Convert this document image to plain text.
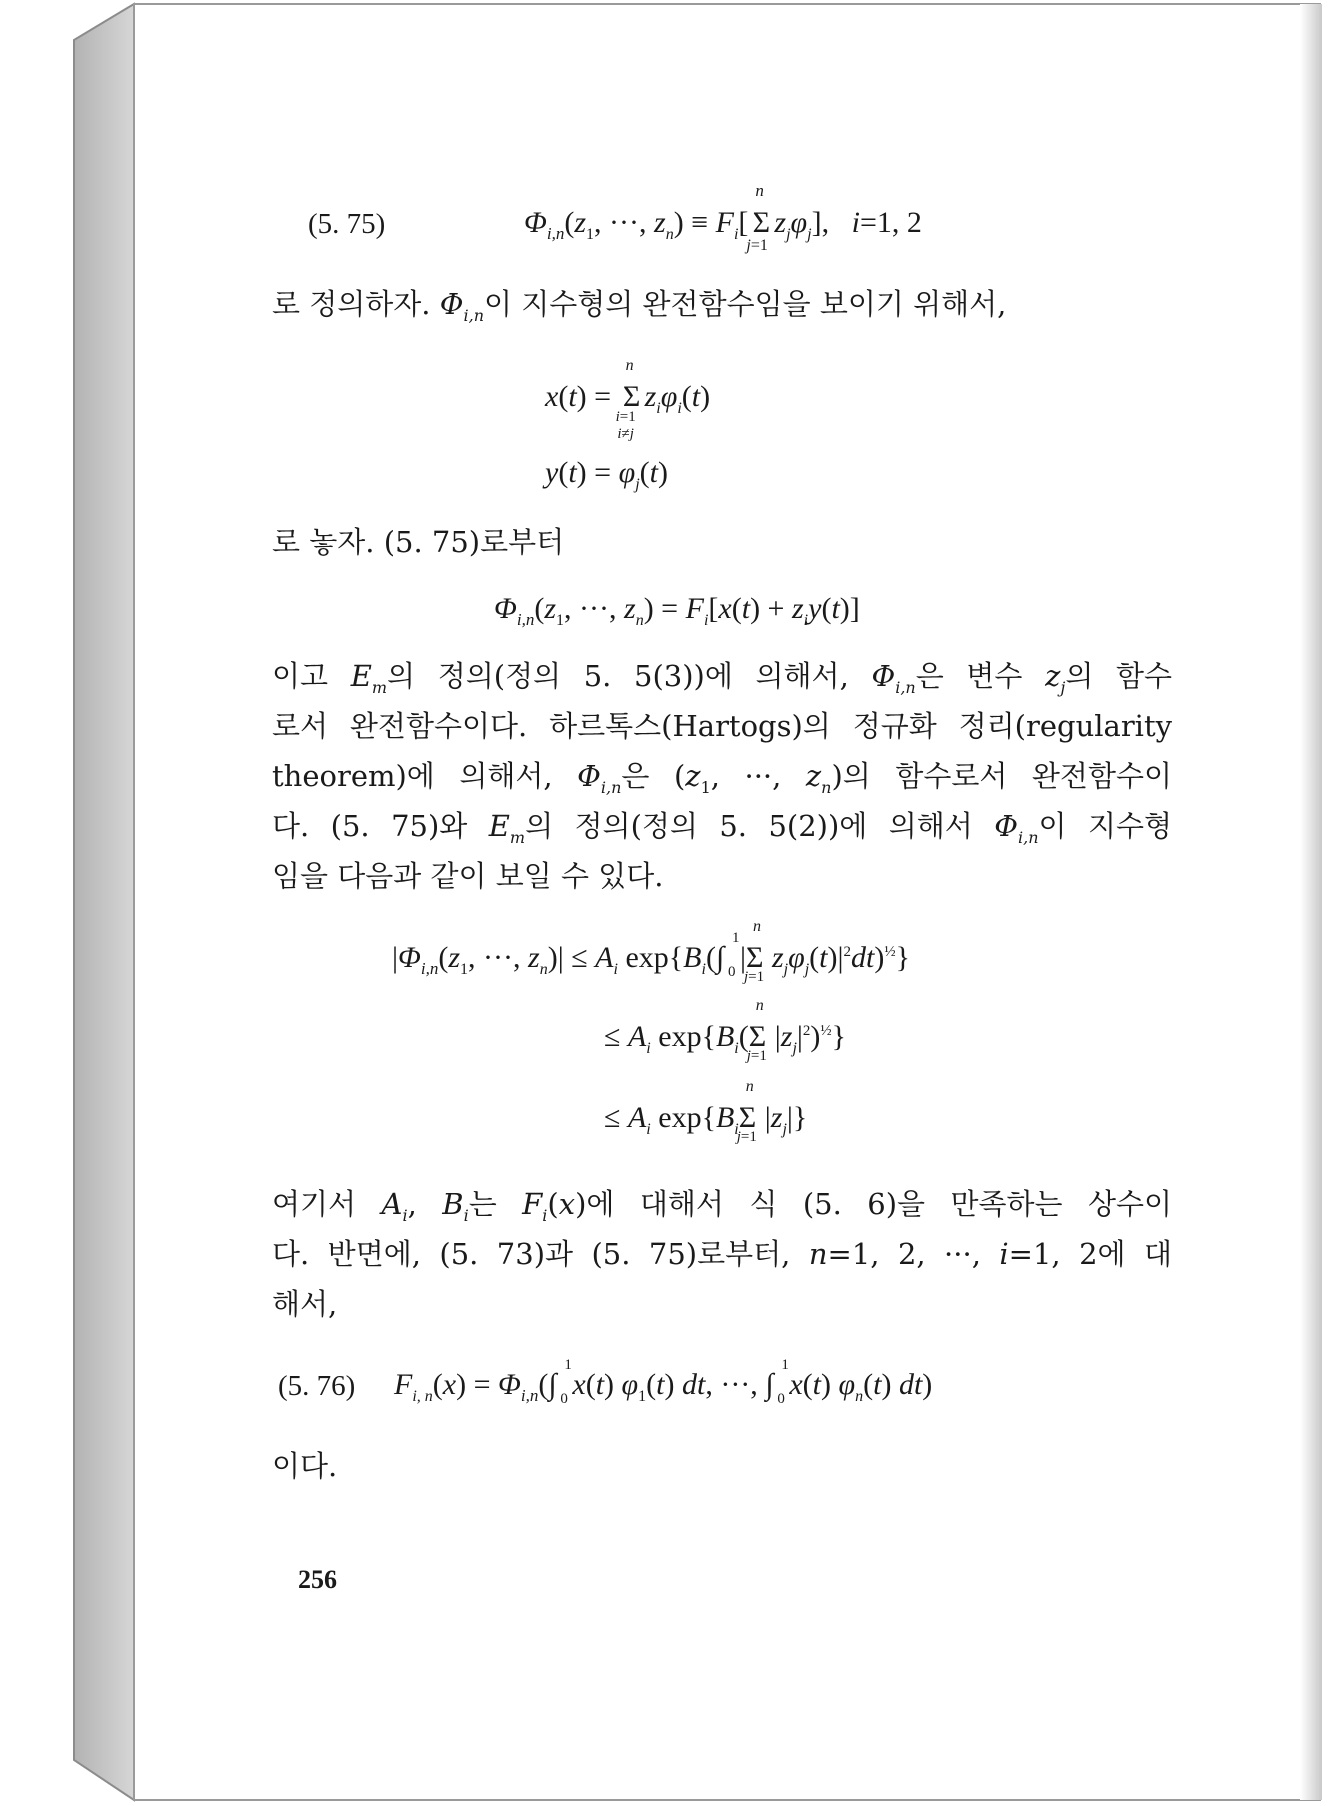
(5. 75)	$\Phi_{i,n}(z_1$, ···, $z_n) \equiv F_i$[
n
Σ
j=1
$z_j\varphi_j$],   i=1, 2
로 정의하자. $\Phi_{i,n}$이 지수형의 완전함수임을 보이기 위해서,
x(t) =
n
Σ
i=1
i≠j
$z_i\varphi_i(t)$
$y(t) = \varphi_j(t)$
로 놓자. (5. 75)로부터
$\Phi_{i,n}(z_1$, ···, $z_n) = F_i[x(t) + z_iy(t)]$
이고 $E_m$의 정의(정의 5. 5(3))에 의해서, $\Phi_{i,n}$은 변수 $z_j$의 함수
로서 완전함수이다. 하르톡스(Hartogs)의 정규화 정리(regularity
theorem)에 의해서, $\Phi_{i,n}$은 ($z_1$, ···, $z_n$)의 함수로서 완전함수이
다. (5. 75)와 $E_m$의 정의(정의 5. 5(2))에 의해서 $\Phi_{i,n}$이 지수형
임을 다음과 같이 보일 수 있다.
$|\Phi_{i,n}(z_1$, ···, $z_n)| \le A_i$ $\exp\{B_i(\int$
1
0 |
n
Σ
j=1
$z_j\varphi_j(t)|^2dt)^{\frac{1}{2}}$}
≤ $A_i$ $\exp\{B_i$(
n
Σ
j=1
$|z_j|^2)^{\frac{1}{2}}$}
≤ $A_i$ $\exp\{B_i$
n
Σ
j=1
$|z_j|$}
여기서 $A_i$, $B_i$는 $F_i(x)$에 대해서 식 (5. 6)을 만족하는 상수이
다. 반면에, (5. 73)과 (5. 75)로부터, n=1, 2, ···, i=1, 2에 대
해서,
(5. 76) $F_{i, n}(x) = \Phi_{i,n}(\int$
1
0 x(t) $\varphi_1(t)$ dt, ···, ∫
1
0 x(t) $\varphi_n(t)$ dt)
이다.
256
